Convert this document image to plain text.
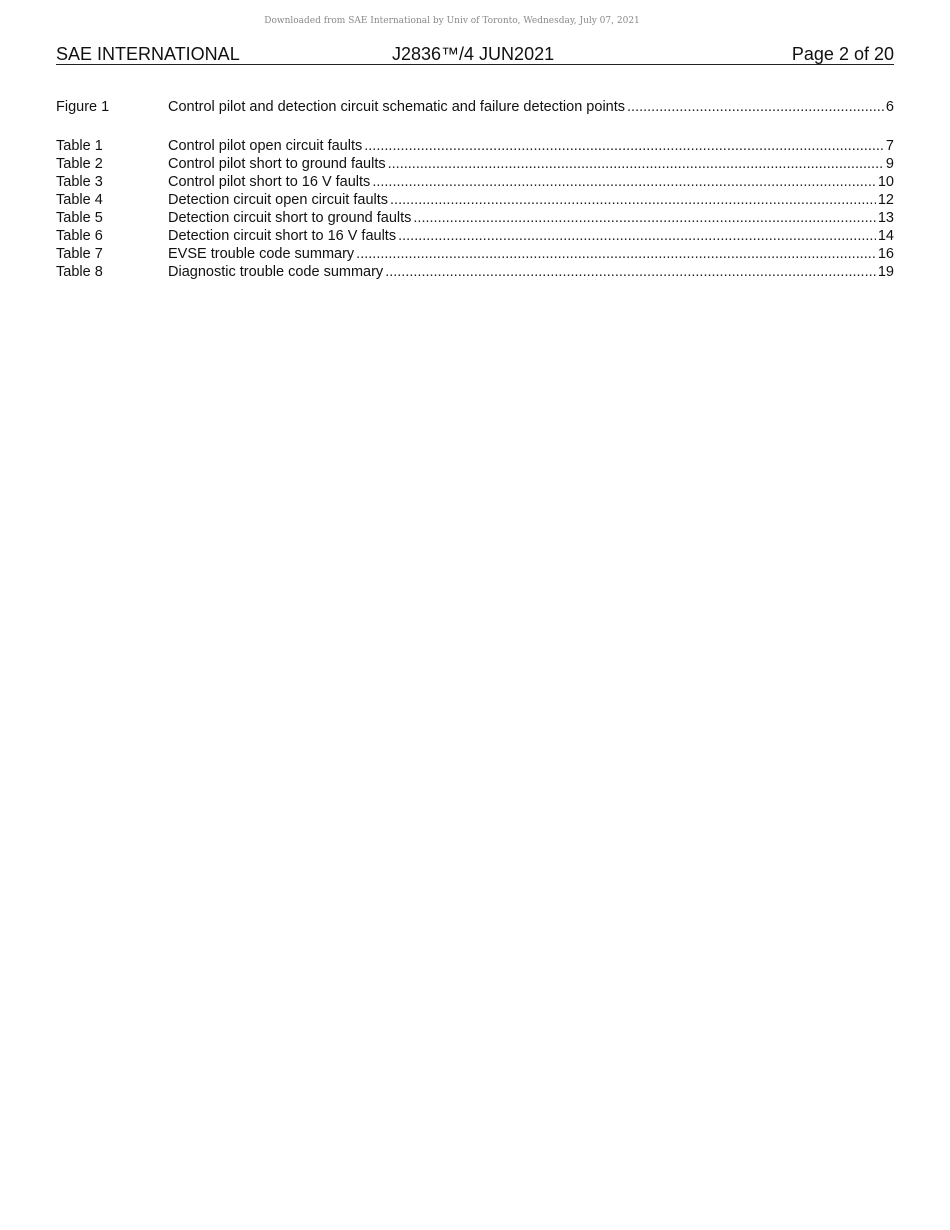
Downloaded from SAE International by Univ of Toronto, Wednesday, July 07, 2021
SAE INTERNATIONAL	J2836™/4 JUN2021	Page 2 of 20
Figure 1	Control pilot and detection circuit schematic and failure detection points .....	6
Table 1	Control pilot open circuit faults .....	7
Table 2	Control pilot short to ground faults .....	9
Table 3	Control pilot short to 16 V faults .....	10
Table 4	Detection circuit open circuit faults .....	12
Table 5	Detection circuit short to ground faults .....	13
Table 6	Detection circuit short to 16 V faults .....	14
Table 7	EVSE trouble code summary .....	16
Table 8	Diagnostic trouble code summary .....	19
